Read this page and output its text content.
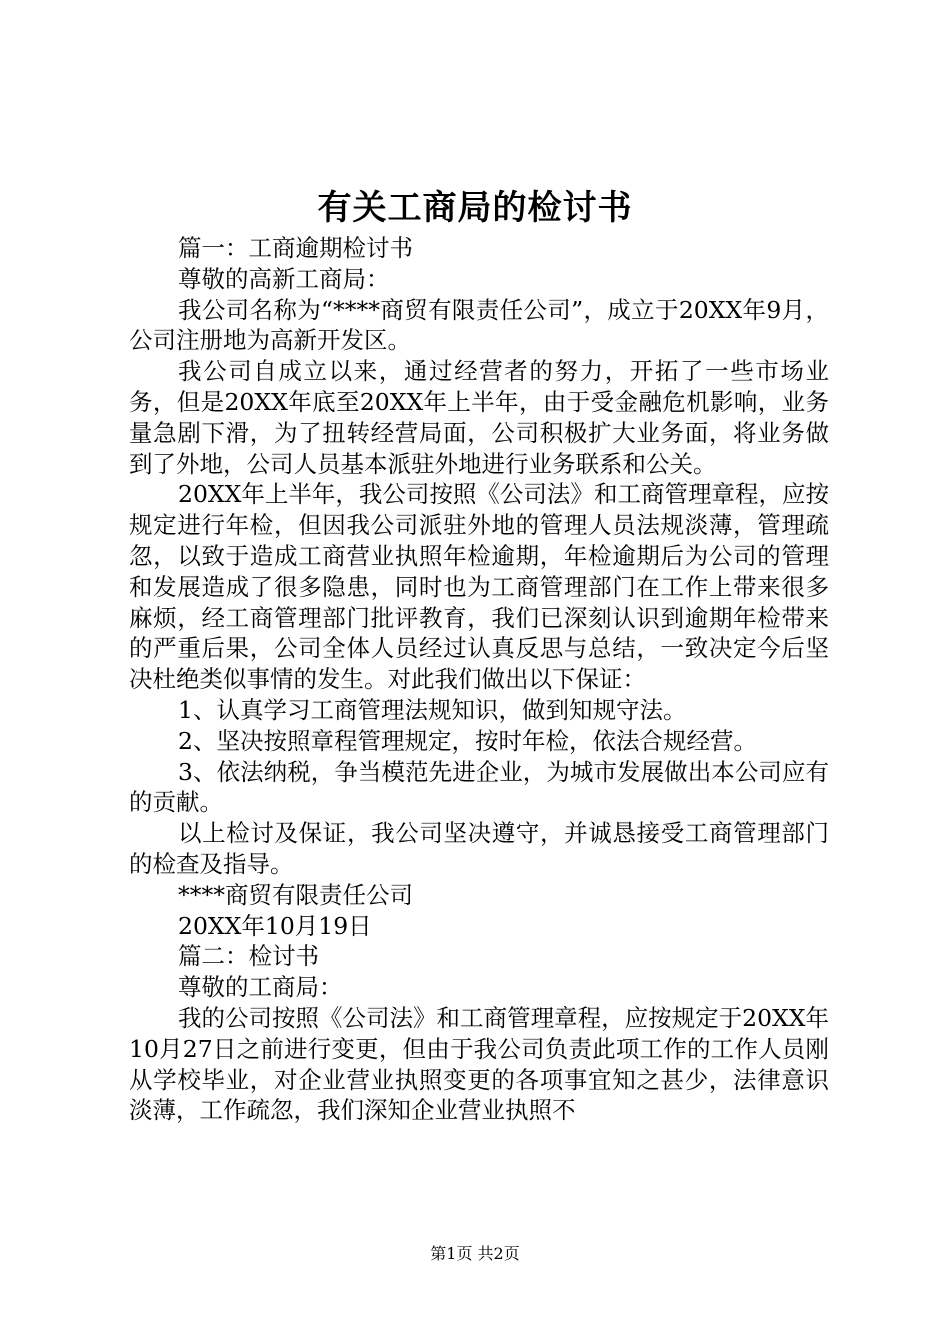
有关工商局的检讨书

篇一：工商逾期检讨书

尊敬的高新工商局：

我公司名称为“****商贸有限责任公司”，成立于20XX年9月，公司注册地为高新开发区。

我公司自成立以来，通过经营者的努力，开拓了一些市场业务，但是20XX年底至20XX年上半年，由于受金融危机影响，业务量急剧下滑，为了扭转经营局面，公司积极扩大业务面，将业务做到了外地，公司人员基本派驻外地进行业务联系和公关。

20XX年上半年，我公司按照《公司法》和工商管理章程，应按规定进行年检，但因我公司派驻外地的管理人员法规淡薄，管理疏忽，以致于造成工商营业执照年检逾期，年检逾期后为公司的管理和发展造成了很多隐患，同时也为工商管理部门在工作上带来很多麻烦，经工商管理部门批评教育，我们已深刻认识到逾期年检带来的严重后果，公司全体人员经过认真反思与总结，一致决定今后坚决杜绝类似事情的发生。对此我们做出以下保证：

1、认真学习工商管理法规知识，做到知规守法。

2、坚决按照章程管理规定，按时年检，依法合规经营。

3、依法纳税，争当模范先进企业，为城市发展做出本公司应有的贡献。

以上检讨及保证，我公司坚决遵守，并诚恳接受工商管理部门的检查及指导。

****商贸有限责任公司

20XX年10月19日

篇二：检讨书

尊敬的工商局：

我的公司按照《公司法》和工商管理章程，应按规定于20XX年10月27日之前进行变更，但由于我公司负责此项工作的工作人员刚从学校毕业，对企业营业执照变更的各项事宜知之甚少，法律意识淡薄，工作疏忽，我们深知企业营业执照不

第1页 共2页
